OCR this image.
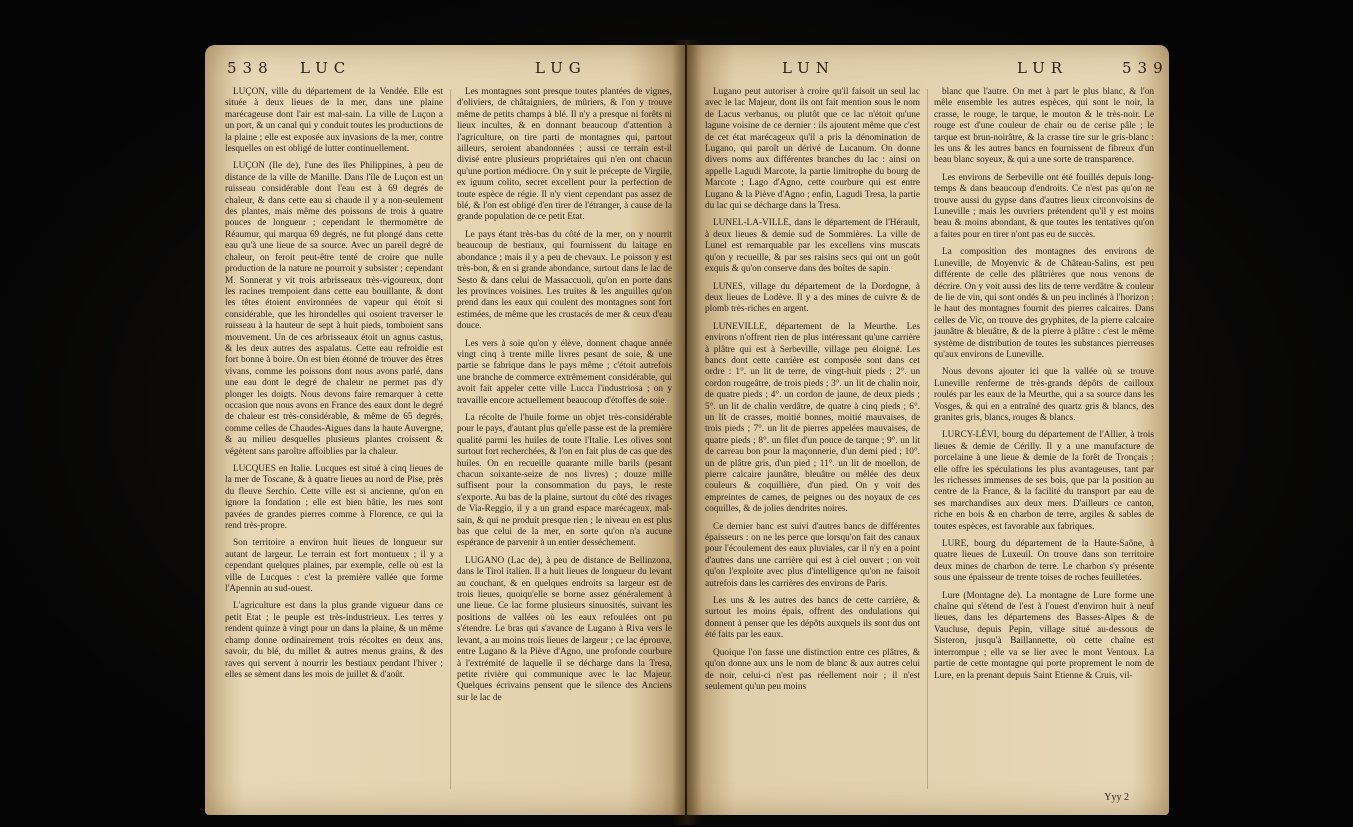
538 LUC	LUG

LUÇON, ville du département de la Vendée. Elle est située à deux lieues de la mer, dans une plaine marécageuse dont l'air est mal-sain. La ville de Luçon a un port, & un canal qui y conduit toutes les productions de la plaine ; elle est exposée aux invasions de la mer, contre lesquelles on est obligé de lutter continuellement.

LUÇON (Ile de), l'une des îles Philippines, à peu de distance de la ville de Manille. Dans l'île de Luçon est un ruisseau considérable dont l'eau est à 69 degrés de chaleur, & dans cette eau si chaude il y a non-seulement des plantes, mais même des poissons de trois à quatre pouces de longueur ; cependant le thermomètre de Réaumur, qui marqua 69 degrés, ne fut plongé dans cette eau qu'à une lieue de sa source. Avec un pareil degré de chaleur, on feroit peut-être tenté de croire que nulle production de la nature ne pourroit y subsister ; cependant M. Sonnerat y vit trois arbrisseaux très-vigoureux, dont les racines trempoient dans cette eau bouillante, & dont les têtes étoient environnées de vapeur qui étoit si considérable, que les hirondelles qui osoient traverser le ruisseau à la hauteur de sept à huit pieds, tomboient sans mouvement. Un de ces arbrisseaux étoit un agnus castus, & les deux autres des aspalatus. Cette eau refroidie est fort bonne à boire. On est bien étonné de trouver des êtres vivans, comme les poissons dont nous avons parlé, dans une eau dont le degré de chaleur ne permet pas d'y plonger les doigts. Nous devons faire remarquer à cette occasion que nous avons en France des eaux dont le degré de chaleur est très-considérable, & même de 65 degrés, comme celles de Chaudes-Aigues dans la haute Auvergne, & au milieu desquelles plusieurs plantes croissent & végètent sans paroître affoiblies par la chaleur.

LUCQUES en Italie. Lucques est situé à cinq lieues de la mer de Toscane, & à quatre lieues au nord de Pise, près du fleuve Serchio. Cette ville est si ancienne, qu'on en ignore la fondation ; elle est bien bâtie, les rues sont pavées de grandes pierres comme à Florence, ce qui la rend très-propre.

Son territoire a environ huit lieues de longueur sur autant de largeur. Le terrain est fort montueux ; il y a cependant quelques plaines, par exemple, celle où est la ville de Lucques : c'est la première vallée que forme l'Apennin au sud-ouest.

L'agriculture est dans la plus grande vigueur dans ce petit Etat ; le peuple est très-industrieux. Les terres y rendent quinze à vingt pour un dans la plaine, & un même champ donne ordinairement trois récoltes en deux ans, savoir, du blé, du millet & autres menus grains, & des raves qui servent à nourrir les bestiaux pendant l'hiver ; elles se sèment dans les mois de juillet & d'août.

Les montagnes sont presque toutes plantées de vignes, d'oliviers, de châtaigniers, de mûriers, & l'on y trouve même de petits champs à blé. Il n'y a presque ni forêts ni lieux incultes, & en donnant beaucoup d'attention à l'agriculture, on tire parti de montagnes qui, partout ailleurs, seroient abandonnées ; aussi ce terrain est-il divisé entre plusieurs propriétaires qui n'en ont chacun qu'une portion médiocre. On y suit le précepte de Virgile, ex iguum colito, secret excellent pour la perfection de toute espèce de régie. Il n'y vient cependant pas assez de blé, & l'on est obligé d'en tirer de l'étranger, à cause de la grande population de ce petit Etat.

Le pays étant très-bas du côté de la mer, on y nourrit beaucoup de bestiaux, qui fournissent du laitage en abondance ; mais il y a peu de chevaux. Le poisson y est très-bon, & en si grande abondance, surtout dans le lac de Sesto & dans celui de Massaccuoli, qu'on en porte dans les provinces voisines. Les truites & les anguilles qu'on prend dans les eaux qui coulent des montagnes sont fort estimées, de même que les crustacés de mer & ceux d'eau douce.

Les vers à soie qu'on y élève, donnent chaque année vingt cinq à trente mille livres pesant de soie, & une partie se fabrique dans le pays même ; c'étoit autrefois une branche de commerce extrêmement considérable, qui avoit fait appeler cette ville Lucca l'industriosa ; on y travaille encore actuellement beaucoup d'étoffes de soie.

La récolte de l'huile forme un objet très-considérable pour le pays, d'autant plus qu'elle passe est de la première qualité parmi les huiles de toute l'Italie. Les olives sont surtout fort recherchées, & l'on en fait plus de cas que des huiles. On en recueille quarante mille barils (pesant chacun soixante-seize de nos livres) ; douze mille suffisent pour la consommation du pays, le reste s'exporte. Au bas de la plaine, surtout du côté des rivages de Via-Reggio, il y a un grand espace marécageux, mal-sain, & qui ne produit presque rien ; le niveau en est plus bas que celui de la mer, en sorte qu'on n'a aucune espérance de parvenir à un entier desséchement.

LUGANO (Lac de), à peu de distance de Bellinzona, dans le Tirol italien. Il a huit lieues de longueur du levant au couchant, & en quelques endroits sa largeur est de trois lieues, quoiqu'elle se borne assez généralement à une lieue. Ce lac forme plusieurs sinuosités, suivant les positions de vallées où les eaux refoulées ont pu s'étendre. Le bras qui s'avance de Lugano à Riva vers le levant, a au moins trois lieues de largeur ; ce lac éprouve, entre Lugano & la Piève d'Agno, une profonde courbure à l'extrémité de laquelle il se décharge dans la Tresa, petite rivière qui communique avec le lac Majeur. Quelques écrivains pensent que le silence des Anciens sur le lac de

LUN	LUR	539

Lugano peut autoriser à croire qu'il faisoit un seul lac avec le lac Majeur, dont ils ont fait mention sous le nom de Lacus verbanus, ou plutôt que ce lac n'étoit qu'une lagune voisine de ce dernier : ils ajoutent même que c'est de cet état marécageux qu'il a pris la dénomination de Lugano, qui paroît un dérivé de Lucanum. On donne divers noms aux différentes branches du lac : ainsi on appelle Lagudi Marcote, la partie limitrophe du bourg de Marcote ; Lago d'Agno, cette courbure qui est entre Lugano & la Piève d'Agno ; enfin, Lagudi Tresa, la partie du lac qui se décharge dans la Tresa.

LUNEL-LA-VILLE, dans le département de l'Hérault, à deux lieues & demie sud de Sommières. La ville de Lunel est remarquable par les excellens vins muscats qu'on y recueille, & par ses raisins secs qui ont un goût exquis & qu'on conserve dans des boîtes de sapin.

LUNES, village du département de la Dordogne, à deux lieues de Lodève. Il y a des mines de cuivre & de plomb très-riches en argent.

LUNEVILLE, département de la Meurthe. Les environs n'offrent rien de plus intéressant qu'une carrière à plâtre qui est à Serbeville, village peu éloigné. Les bancs dont cette carrière est composée sont dans cet ordre : 1°. un lit de terre, de vingt-huit pieds ; 2°. un cordon rougeâtre, de trois pieds ; 3°. un lit de chalin noir, de quatre pieds ; 4°. un cordon de jaune, de deux pieds ; 5°. un lit de chalin verdâtre, de quatre à cinq pieds ; 6°. un lit de crasses, moitié bonnes, moitié mauvaises, de trois pieds ; 7°. un lit de pierres appelées mauvaises, de quatre pieds ; 8°. un filet d'un pouce de tarque ; 9°. un lit de carreau bon pour la maçonnerie, d'un demi pied ; 10°. un de plâtre gris, d'un pied ; 11°. un lit de moellon, de pierre calcaire jaunâtre, bleuâtre ou mêlée des deux couleurs & coquillière, d'un pied. On y voit des empreintes de cames, de peignes ou des noyaux de ces coquilles, & de jolies dendrites noires.

Ce dernier banc est suivi d'autres bancs de différentes épaisseurs : on ne les perce que lorsqu'on fait des canaux pour l'écoulement des eaux pluviales, car il n'y en a point d'autres dans une carrière qui est à ciel ouvert ; on voit qu'on l'exploite avec plus d'intelligence qu'on ne faisoit autrefois dans les carrières des environs de Paris.

Les uns & les autres des bancs de cette carrière, & surtout les moins épais, offrent des ondulations qui donnent à penser que les dépôts auxquels ils sont dus ont été faits par les eaux.

Quoique l'on fasse une distinction entre ces plâtres, & qu'on donne aux uns le nom de blanc & aux autres celui de noir, celui-ci n'est pas réellement noir ; il n'est seulement qu'un peu moins

blanc que l'autre. On met à part le plus blanc, & l'on mêle ensemble les autres espèces, qui sont le noir, la crasse, le rouge, le tarque, le mouton & le très-noir. Le rouge est d'une couleur de chair ou de cerise pâle ; le tarque est brun-noirâtre, & la crasse tire sur le gris-blanc : les uns & les autres bancs en fournissent de fibreux d'un beau blanc soyeux, & qui a une sorte de transparence.

Les environs de Serbeville ont été fouillés depuis long-temps & dans beaucoup d'endroits. Ce n'est pas qu'on ne trouve aussi du gypse dans d'autres lieux circonvoisins de Luneville ; mais les ouvriers prétendent qu'il y est moins beau & moins abondant, & que toutes les tentatives qu'on a faites pour en tirer n'ont pas eu de succès.

La composition des montagnes des environs de Luneville, de Moyenvic & de Château-Salins, est peu différente de celle des plâtrières que nous venons de décrire. On y voit aussi des lits de terre verdâtre & couleur de lie de vin, qui sont ondés & un peu inclinés à l'horizon ; le haut des montagnes fournit des pierres calcaires. Dans celles de Vic, on trouve des gryphites, de la pierre calcaire jaunâtre & bleuâtre, & de la pierre à plâtre : c'est le même système de distribution de toutes les substances pierreuses qu'aux environs de Luneville.

Nous devons ajouter ici que la vallée où se trouve Luneville renferme de très-grands dépôts de cailloux roulés par les eaux de la Meurthe, qui a sa source dans les Vosges, & qui en a entraîné des quartz gris & blancs, des granites gris, blancs, rouges & blancs.

LURCY-LÉVI, bourg du département de l'Allier, à trois lieues & demie de Cérilly. Il y a une manufacture de porcelaine à une lieue & demie de la forêt de Tronçais ; elle offre les spéculations les plus avantageuses, tant par les richesses immenses de ses bois, que par la position au centre de la France, & la facilité du transport par eau de ses marchandises aux deux mers. D'ailleurs ce canton, riche en bois & en charbon de terre, argiles & sables de toutes espèces, est favorable aux fabriques.

LURE, bourg du département de la Haute-Saône, à quatre lieues de Luxeuil. On trouve dans son territoire deux mines de charbon de terre. Le charbon s'y présente sous une épaisseur de trente toises de roches feuilletées.

Lure (Montagne de). La montagne de Lure forme une chaîne qui s'étend de l'est à l'ouest d'environ huit à neuf lieues, dans les départemens des Basses-Alpes & de Vaucluse, depuis Pepin, village situé au-dessous de Sisteron, jusqu'à Baillannette, où cette chaîne est interrompue ; elle va se lier avec le mont Ventoux. La partie de cette montagne qui porte proprement le nom de Lure, en la prenant depuis Saint Etienne & Cruis, vil-

Yyy 2
